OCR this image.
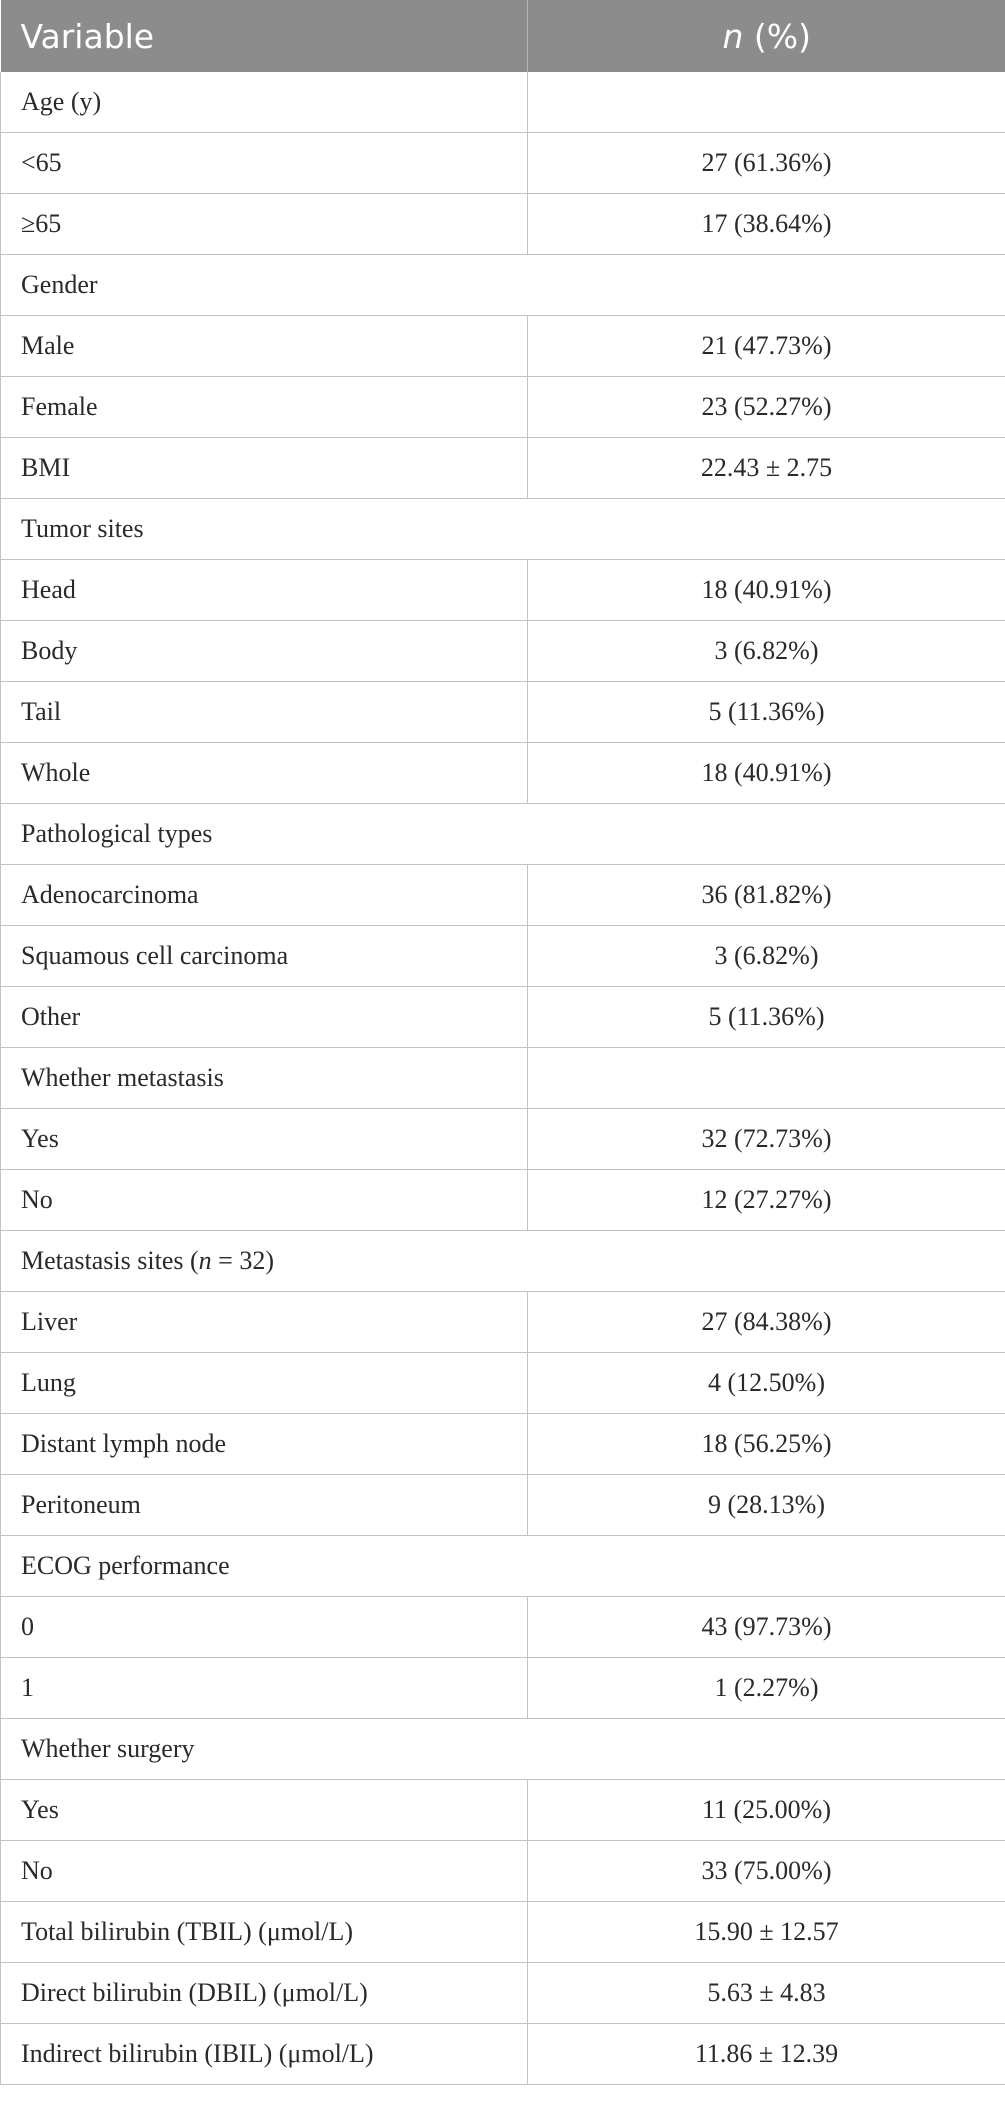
Variable	n (%)
Age (y)	
<65	27 (61.36%)
≥65	17 (38.64%)
Gender	
Male	21 (47.73%)
Female	23 (52.27%)
BMI	22.43 ± 2.75
Tumor sites	
Head	18 (40.91%)
Body	3 (6.82%)
Tail	5 (11.36%)
Whole	18 (40.91%)
Pathological types	
Adenocarcinoma	36 (81.82%)
Squamous cell carcinoma	3 (6.82%)
Other	5 (11.36%)
Whether metastasis	
Yes	32 (72.73%)
No	12 (27.27%)
Metastasis sites (n = 32)	
Liver	27 (84.38%)
Lung	4 (12.50%)
Distant lymph node	18 (56.25%)
Peritoneum	9 (28.13%)
ECOG performance	
0	43 (97.73%)
1	1 (2.27%)
Whether surgery	
Yes	11 (25.00%)
No	33 (75.00%)
Total bilirubin (TBIL) (μmol/L)	15.90 ± 12.57
Direct bilirubin (DBIL) (μmol/L)	5.63 ± 4.83
Indirect bilirubin (IBIL) (μmol/L)	11.86 ± 12.39
